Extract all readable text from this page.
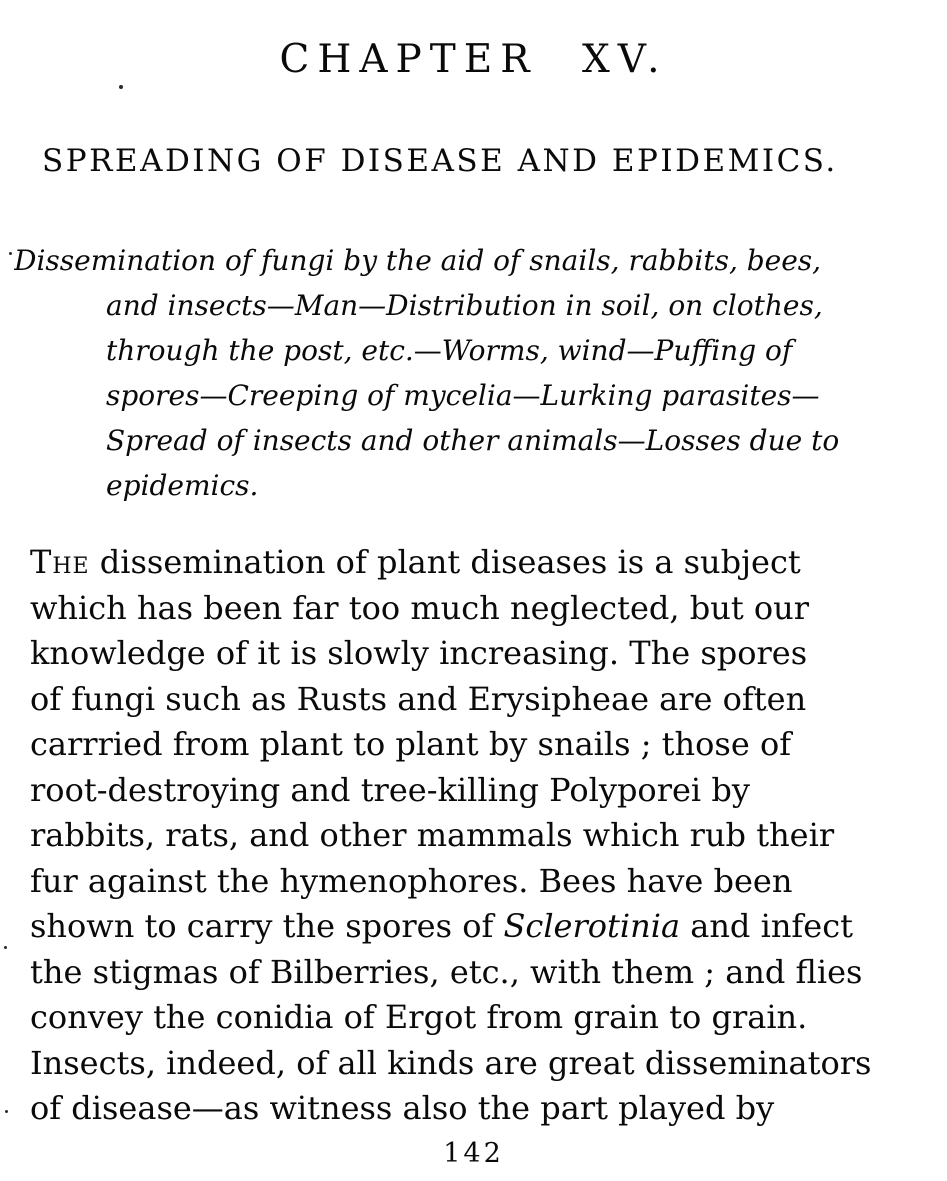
CHAPTER XV.
SPREADING OF DISEASE AND EPIDEMICS.
Dissemination of fungi by the aid of snails, rabbits, bees,
and insects—Man—Distribution in soil, on clothes,
through the post, etc.—Worms, wind—Puffing of
spores—Creeping of mycelia—Lurking parasites—
Spread of insects and other animals—Losses due to
epidemics.
The dissemination of plant diseases is a subject
which has been far too much neglected, but our
knowledge of it is slowly increasing. The spores
of fungi such as Rusts and Erysipheae are often
carrried from plant to plant by snails ; those of
root-destroying and tree-killing Polyporei by
rabbits, rats, and other mammals which rub their
fur against the hymenophores. Bees have been
shown to carry the spores of Sclerotinia and infect
the stigmas of Bilberries, etc., with them ; and flies
convey the conidia of Ergot from grain to grain.
Insects, indeed, of all kinds are great disseminators
of disease—as witness also the part played by
142
